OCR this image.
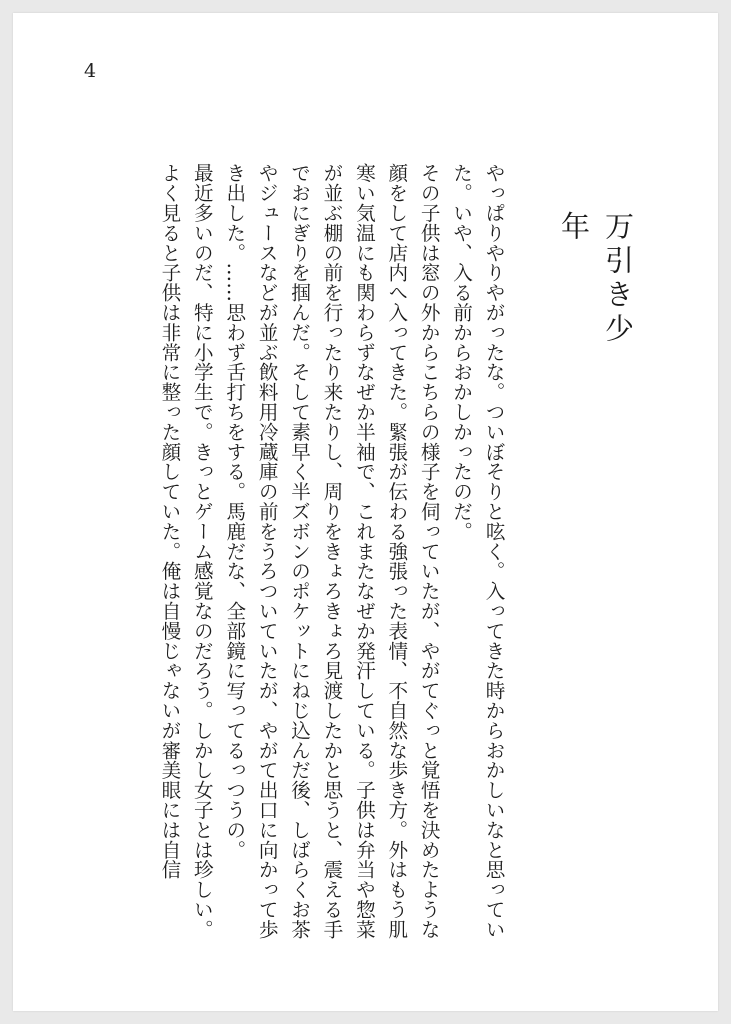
4
万引き少年

やっぱりやりやがったな。ついぼそりと呟く。入ってきた時からおかしいなと思っていた。いや、入る前からおかしかったのだ。

その子供は窓の外からこちらの様子を伺っていたが、やがてぐっと覚悟を決めたような顔をして店内へ入ってきた。緊張が伝わる強張った表情、不自然な歩き方。外はもう肌寒い気温にも関わらずなぜか半袖で、これまたなぜか発汗している。子供は弁当や惣菜が並ぶ棚の前を行ったり来たりし、周りをきょろきょろ見渡したかと思うと、震える手でおにぎりを掴んだ。そして素早く半ズボンのポケットにねじ込んだ後、しばらくお茶やジュースなどが並ぶ飲料用冷蔵庫の前をうろついていたが、やがて出口に向かって歩き出した。……思わず舌打ちをする。馬鹿だな、全部鏡に写ってるっつうの。

最近多いのだ、特に小学生で。きっとゲーム感覚なのだろう。しかし女子とは珍しい。よく見ると子供は非常に整った顔していた。俺は自慢じゃないが審美眼には自信
